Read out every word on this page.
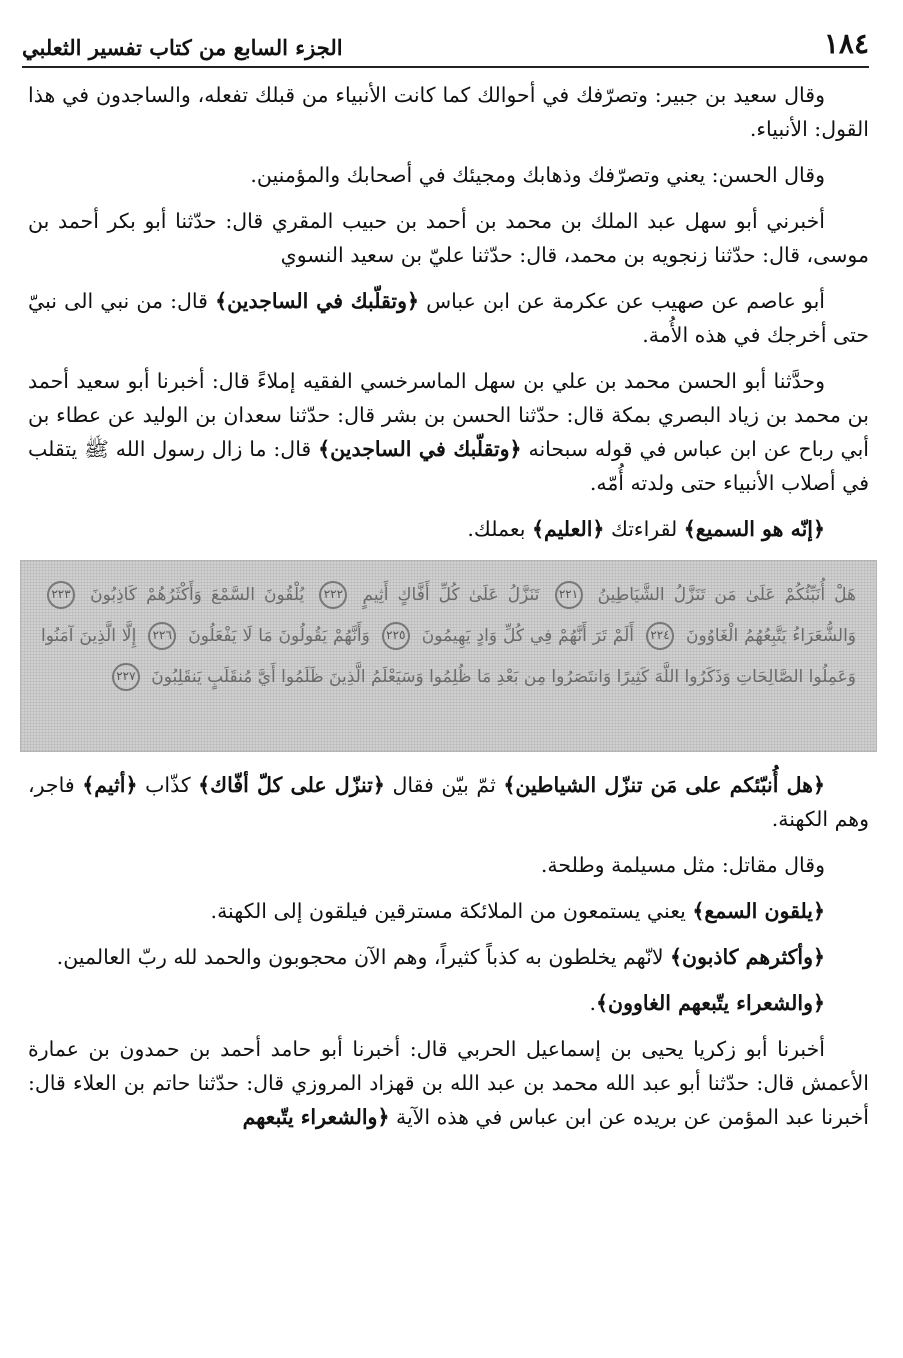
١٨٤
الجزء السابع من كتاب تفسير الثعلبي

وقال سعيد بن جبير: وتصرّفك في أحوالك كما كانت الأنبياء من قبلك تفعله، والساجدون في هذا القول: الأنبياء.

وقال الحسن: يعني وتصرّفك وذهابك ومجيئك في أصحابك والمؤمنين.

أخبرني أبو سهل عبد الملك بن محمد بن أحمد بن حبيب المقري قال: حدّثنا أبو بكر أحمد بن موسى، قال: حدّثنا زنجويه بن محمد، قال: حدّثنا عليّ بن سعيد النسوي

أبو عاصم عن صهيب عن عكرمة عن ابن عباس ﴿وتقلّبك في الساجدين﴾ قال: من نبي الى نبيّ حتى أخرجك في هذه الأُمة.

وحدَّثنا أبو الحسن محمد بن علي بن سهل الماسرخسي الفقيه إملاءً قال: أخبرنا أبو سعيد أحمد بن محمد بن زياد البصري بمكة قال: حدّثنا الحسن بن بشر قال: حدّثنا سعدان بن الوليد عن عطاء بن أبي رباح عن ابن عباس في قوله سبحانه ﴿وتقلّبك في الساجدين﴾ قال: ما زال رسول الله ﷺ يتقلب في أصلاب الأنبياء حتى ولدته أُمّه.

﴿إنّه هو السميع﴾ لقراءتك ﴿العليم﴾ بعملك.

هَلْ أُنَبِّئُكُمْ عَلَىٰ مَن تَنَزَّلُ الشَّيَاطِينُ ٢٢١ تَنَزَّلُ عَلَىٰ كُلِّ أَفَّاكٍ أَثِيمٍ ٢٢٢ يُلْقُونَ السَّمْعَ وَأَكْثَرُهُمْ كَاذِبُونَ ٢٢٣ وَالشُّعَرَاءُ يَتَّبِعُهُمُ الْغَاوُونَ ٢٢٤ أَلَمْ تَرَ أَنَّهُمْ فِي كُلِّ وَادٍ يَهِيمُونَ ٢٢٥ وَأَنَّهُمْ يَقُولُونَ مَا لَا يَفْعَلُونَ ٢٢٦ إِلَّا الَّذِينَ آمَنُوا وَعَمِلُوا الصَّالِحَاتِ وَذَكَرُوا اللَّهَ كَثِيرًا وَانتَصَرُوا مِن بَعْدِ مَا ظُلِمُوا وَسَيَعْلَمُ الَّذِينَ ظَلَمُوا أَيَّ مُنقَلَبٍ يَنقَلِبُونَ ٢٢٧

﴿هل أُنبّئكم على مَن تنزّل الشياطين﴾ ثمّ بيّن فقال ﴿تنزّل على كلّ أفّاك﴾ كذّاب ﴿أثيم﴾ فاجر، وهم الكهنة.

وقال مقاتل: مثل مسيلمة وطلحة.

﴿يلقون السمع﴾ يعني يستمعون من الملائكة مسترقين فيلقون إلى الكهنة.

﴿وأكثرهم كاذبون﴾ لانّهم يخلطون به كذباً كثيراً، وهم الآن محجوبون والحمد لله ربّ العالمين.

﴿والشعراء يتّبعهم الغاوون﴾.

أخبرنا أبو زكريا يحيى بن إسماعيل الحربي قال: أخبرنا أبو حامد أحمد بن حمدون بن عمارة الأعمش قال: حدّثنا أبو عبد الله محمد بن عبد الله بن قهزاد المروزي قال: حدّثنا حاتم بن العلاء قال: أخبرنا عبد المؤمن عن بريده عن ابن عباس في هذه الآية ﴿والشعراء يتّبعهم
